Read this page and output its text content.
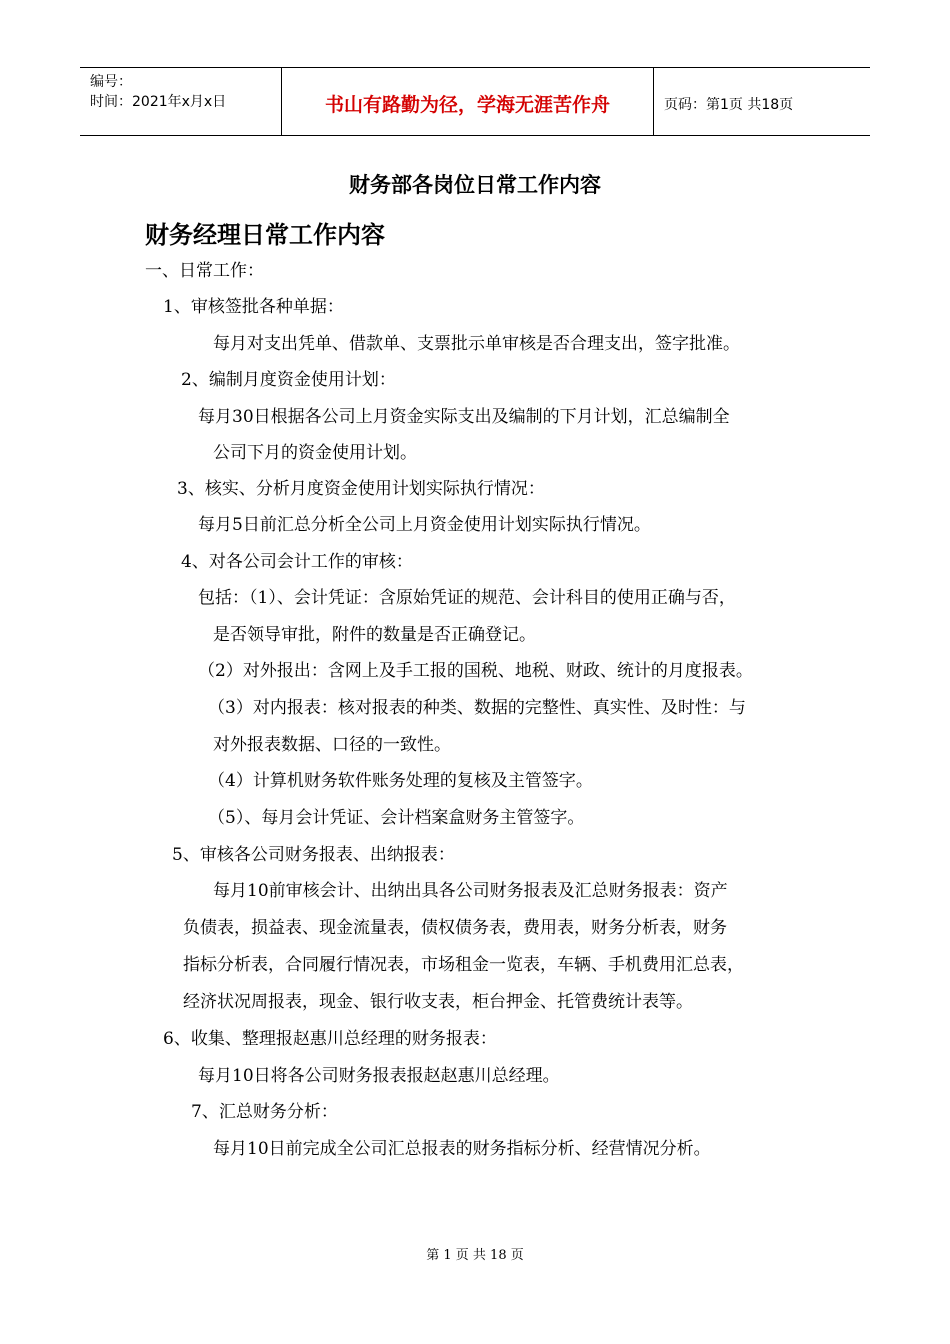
编号：
时间：2021年x月x日	书山有路勤为径，学海无涯苦作舟	页码：第1页 共18页
财务部各岗位日常工作内容
财务经理日常工作内容
一、日常工作：
1、审核签批各种单据：
每月对支出凭单、借款单、支票批示单审核是否合理支出，签字批准。
2、编制月度资金使用计划：
每月30日根据各公司上月资金实际支出及编制的下月计划，汇总编制全
公司下月的资金使用计划。
3、核实、分析月度资金使用计划实际执行情况：
每月5日前汇总分析全公司上月资金使用计划实际执行情况。
4、对各公司会计工作的审核：
包括：（1）、会计凭证：含原始凭证的规范、会计科目的使用正确与否，
是否领导审批，附件的数量是否正确登记。
（2）对外报出：含网上及手工报的国税、地税、财政、统计的月度报表。
（3）对内报表：核对报表的种类、数据的完整性、真实性、及时性：与
对外报表数据、口径的一致性。
（4）计算机财务软件账务处理的复核及主管签字。
（5）、每月会计凭证、会计档案盒财务主管签字。
5、审核各公司财务报表、出纳报表：
每月10前审核会计、出纳出具各公司财务报表及汇总财务报表：资产
负债表，损益表、现金流量表，债权债务表，费用表，财务分析表，财务
指标分析表，合同履行情况表，市场租金一览表，车辆、手机费用汇总表，
经济状况周报表，现金、银行收支表，柜台押金、托管费统计表等。
6、收集、整理报赵惠川总经理的财务报表：
每月10日将各公司财务报表报赵赵惠川总经理。
7、汇总财务分析：
每月10日前完成全公司汇总报表的财务指标分析、经营情况分析。
第 1 页 共 18 页
